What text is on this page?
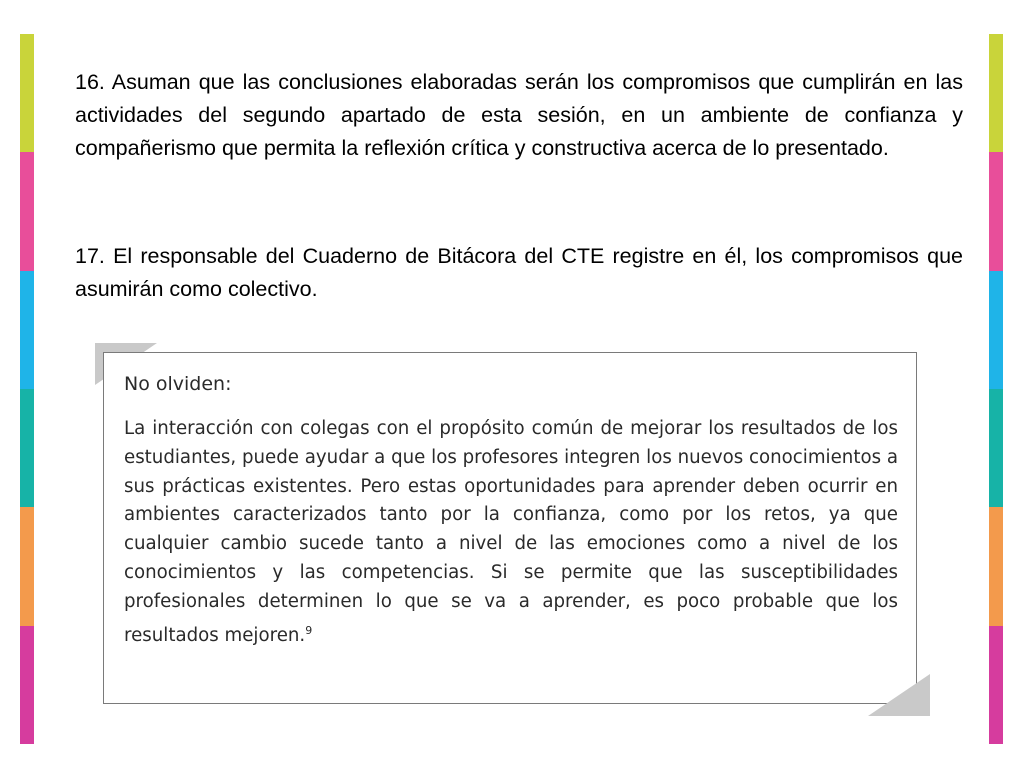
16. Asuman que las conclusiones elaboradas serán los compromisos que cumplirán en las actividades del segundo apartado de esta sesión, en un ambiente de confianza y compañerismo que permita la reflexión crítica y constructiva acerca de lo presentado.

17. El responsable del Cuaderno de Bitácora del CTE registre en él, los compromisos que asumirán como colectivo.

No olviden:

La interacción con colegas con el propósito común de mejorar los resultados de los estudiantes, puede ayudar a que los profesores integren los nuevos conocimientos a sus prácticas existentes. Pero estas oportunidades para aprender deben ocurrir en ambientes caracterizados tanto por la confianza, como por los retos, ya que cualquier cambio sucede tanto a nivel de las emociones como a nivel de los conocimientos y las competencias. Si se permite que las susceptibilidades profesionales determinen lo que se va a aprender, es poco probable que los resultados mejoren.$^9$
